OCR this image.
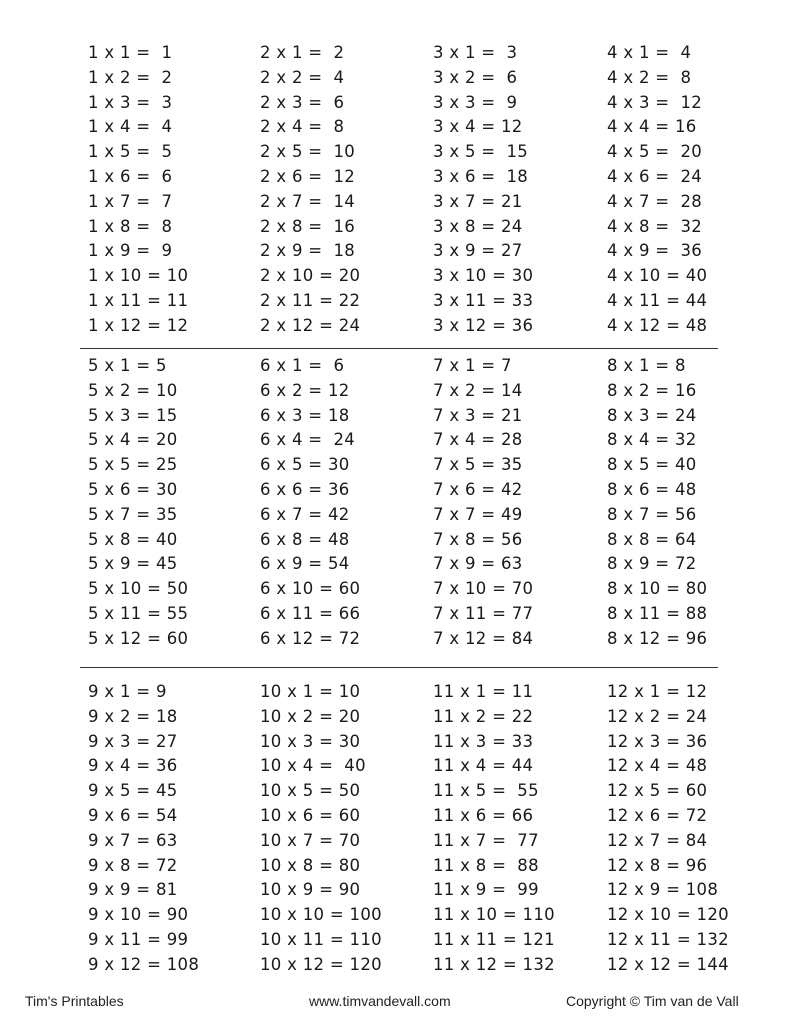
1 x 1 =  1
1 x 2 =  2
1 x 3 =  3
1 x 4 =  4
1 x 5 =  5
1 x 6 =  6
1 x 7 =  7
1 x 8 =  8
1 x 9 =  9
1 x 10 = 10
1 x 11 = 11
1 x 12 = 12
2 x 1 =  2
2 x 2 =  4
2 x 3 =  6
2 x 4 =  8
2 x 5 =  10
2 x 6 =  12
2 x 7 =  14
2 x 8 =  16
2 x 9 =  18
2 x 10 = 20
2 x 11 = 22
2 x 12 = 24
3 x 1 =  3
3 x 2 =  6
3 x 3 =  9
3 x 4 = 12
3 x 5 =  15
3 x 6 =  18
3 x 7 = 21
3 x 8 = 24
3 x 9 = 27
3 x 10 = 30
3 x 11 = 33
3 x 12 = 36
4 x 1 =  4
4 x 2 =  8
4 x 3 =  12
4 x 4 = 16
4 x 5 =  20
4 x 6 =  24
4 x 7 =  28
4 x 8 =  32
4 x 9 =  36
4 x 10 = 40
4 x 11 = 44
4 x 12 = 48
5 x 1 = 5
5 x 2 = 10
5 x 3 = 15
5 x 4 = 20
5 x 5 = 25
5 x 6 = 30
5 x 7 = 35
5 x 8 = 40
5 x 9 = 45
5 x 10 = 50
5 x 11 = 55
5 x 12 = 60
6 x 1 =  6
6 x 2 = 12
6 x 3 = 18
6 x 4 =  24
6 x 5 = 30
6 x 6 = 36
6 x 7 = 42
6 x 8 = 48
6 x 9 = 54
6 x 10 = 60
6 x 11 = 66
6 x 12 = 72
7 x 1 = 7
7 x 2 = 14
7 x 3 = 21
7 x 4 = 28
7 x 5 = 35
7 x 6 = 42
7 x 7 = 49
7 x 8 = 56
7 x 9 = 63
7 x 10 = 70
7 x 11 = 77
7 x 12 = 84
8 x 1 = 8
8 x 2 = 16
8 x 3 = 24
8 x 4 = 32
8 x 5 = 40
8 x 6 = 48
8 x 7 = 56
8 x 8 = 64
8 x 9 = 72
8 x 10 = 80
8 x 11 = 88
8 x 12 = 96
9 x 1 = 9
9 x 2 = 18
9 x 3 = 27
9 x 4 = 36
9 x 5 = 45
9 x 6 = 54
9 x 7 = 63
9 x 8 = 72
9 x 9 = 81
9 x 10 = 90
9 x 11 = 99
9 x 12 = 108
10 x 1 = 10
10 x 2 = 20
10 x 3 = 30
10 x 4 =  40
10 x 5 = 50
10 x 6 = 60
10 x 7 = 70
10 x 8 = 80
10 x 9 = 90
10 x 10 = 100
10 x 11 = 110
10 x 12 = 120
11 x 1 = 11
11 x 2 = 22
11 x 3 = 33
11 x 4 = 44
11 x 5 =  55
11 x 6 = 66
11 x 7 =  77
11 x 8 =  88
11 x 9 =  99
11 x 10 = 110
11 x 11 = 121
11 x 12 = 132
12 x 1 = 12
12 x 2 = 24
12 x 3 = 36
12 x 4 = 48
12 x 5 = 60
12 x 6 = 72
12 x 7 = 84
12 x 8 = 96
12 x 9 = 108
12 x 10 = 120
12 x 11 = 132
12 x 12 = 144
Tim's Printables	www.timvandevall.com	Copyright © Tim van de Vall
